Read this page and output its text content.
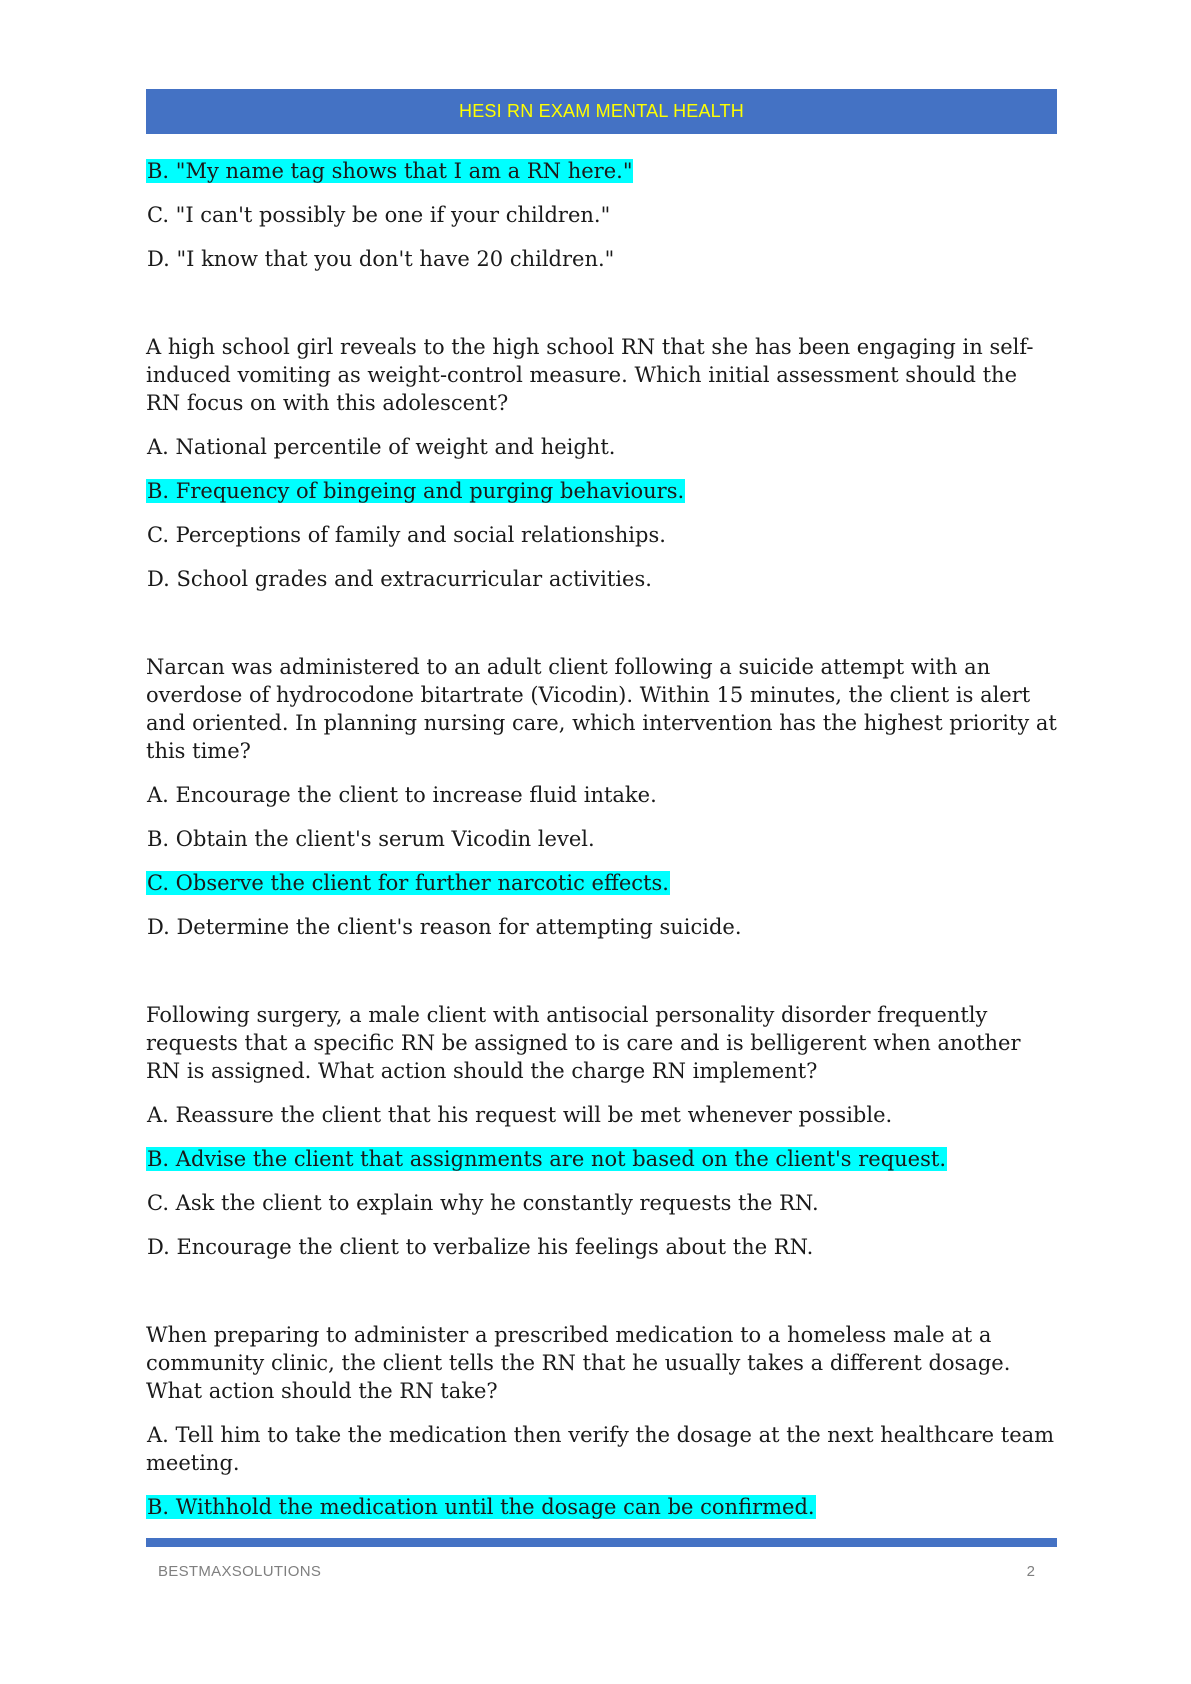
HESI RN EXAM MENTAL HEALTH
B. "My name tag shows that I am a RN here."
C. "I can't possibly be one if your children."
D. "I know that you don't have 20 children."

A high school girl reveals to the high school RN that she has been engaging in self-induced vomiting as weight-control measure. Which initial assessment should the RN focus on with this adolescent?

A. National percentile of weight and height.
B. Frequency of bingeing and purging behaviours.
C. Perceptions of family and social relationships.
D. School grades and extracurricular activities.

Narcan was administered to an adult client following a suicide attempt with an overdose of hydrocodone bitartrate (Vicodin). Within 15 minutes, the client is alert and oriented. In planning nursing care, which intervention has the highest priority at this time?

A. Encourage the client to increase fluid intake.
B. Obtain the client's serum Vicodin level.
C. Observe the client for further narcotic effects.
D. Determine the client's reason for attempting suicide.

Following surgery, a male client with antisocial personality disorder frequently requests that a specific RN be assigned to is care and is belligerent when another RN is assigned. What action should the charge RN implement?

A. Reassure the client that his request will be met whenever possible.
B. Advise the client that assignments are not based on the client's request.
C. Ask the client to explain why he constantly requests the RN.
D. Encourage the client to verbalize his feelings about the RN.

When preparing to administer a prescribed medication to a homeless male at a community clinic, the client tells the RN that he usually takes a different dosage. What action should the RN take?

A. Tell him to take the medication then verify the dosage at the next healthcare team meeting.
B. Withhold the medication until the dosage can be confirmed.
BESTMAXSOLUTIONS	2
